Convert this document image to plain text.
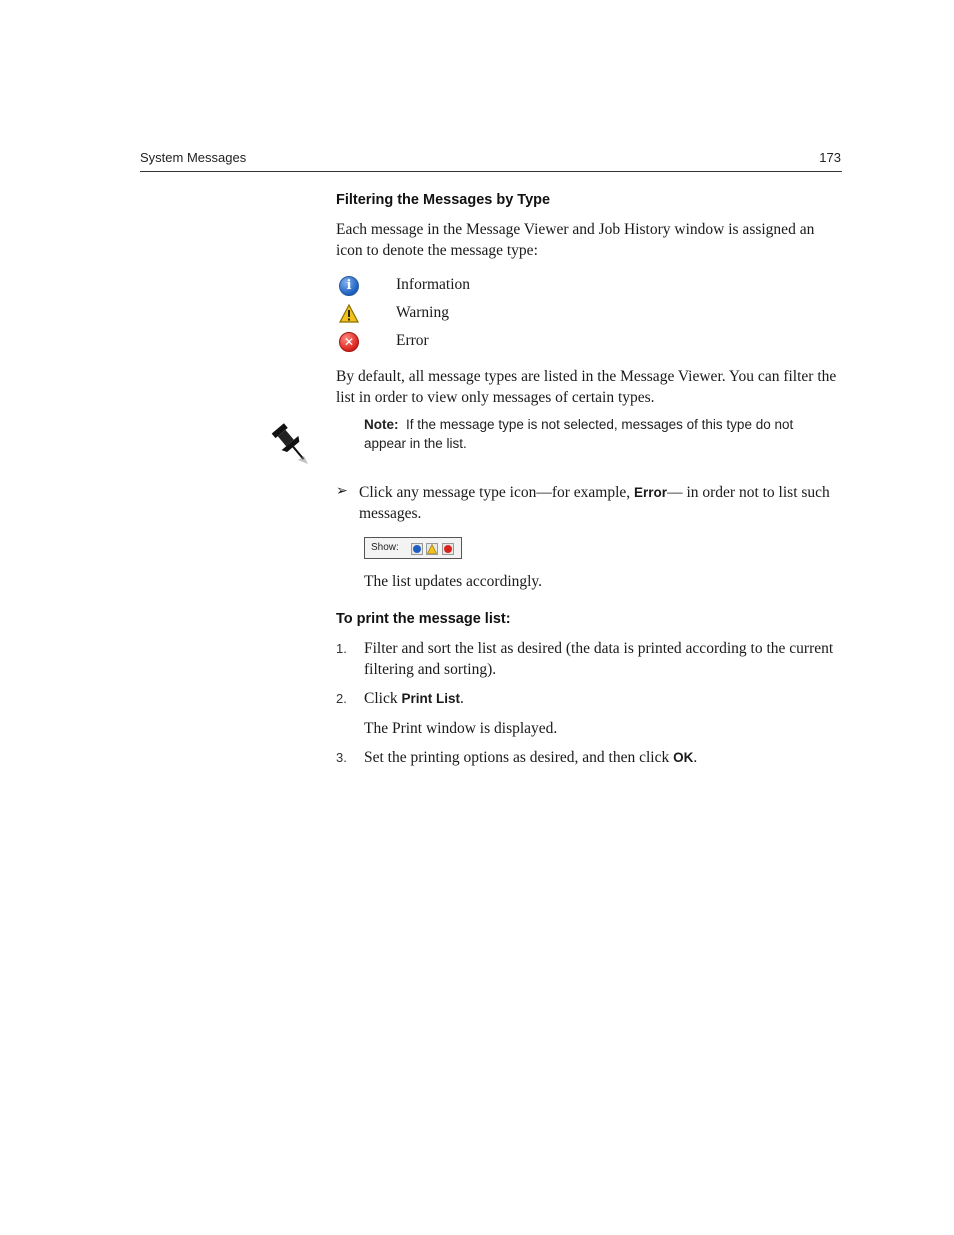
System Messages	173
Filtering the Messages by Type
Each message in the Message Viewer and Job History window is assigned an icon to denote the message type:
i	Information
Warning
✕	Error
By default, all message types are listed in the Message Viewer. You can filter the list in order to view only messages of certain types.
Note: If the message type is not selected, messages of this type do not appear in the list.
➢ Click any message type icon—for example, Error— in order not to list such messages.
Show:
The list updates accordingly.
To print the message list:
1. Filter and sort the list as desired (the data is printed according to the current filtering and sorting).
2. Click Print List.
The Print window is displayed.
3. Set the printing options as desired, and then click OK.
